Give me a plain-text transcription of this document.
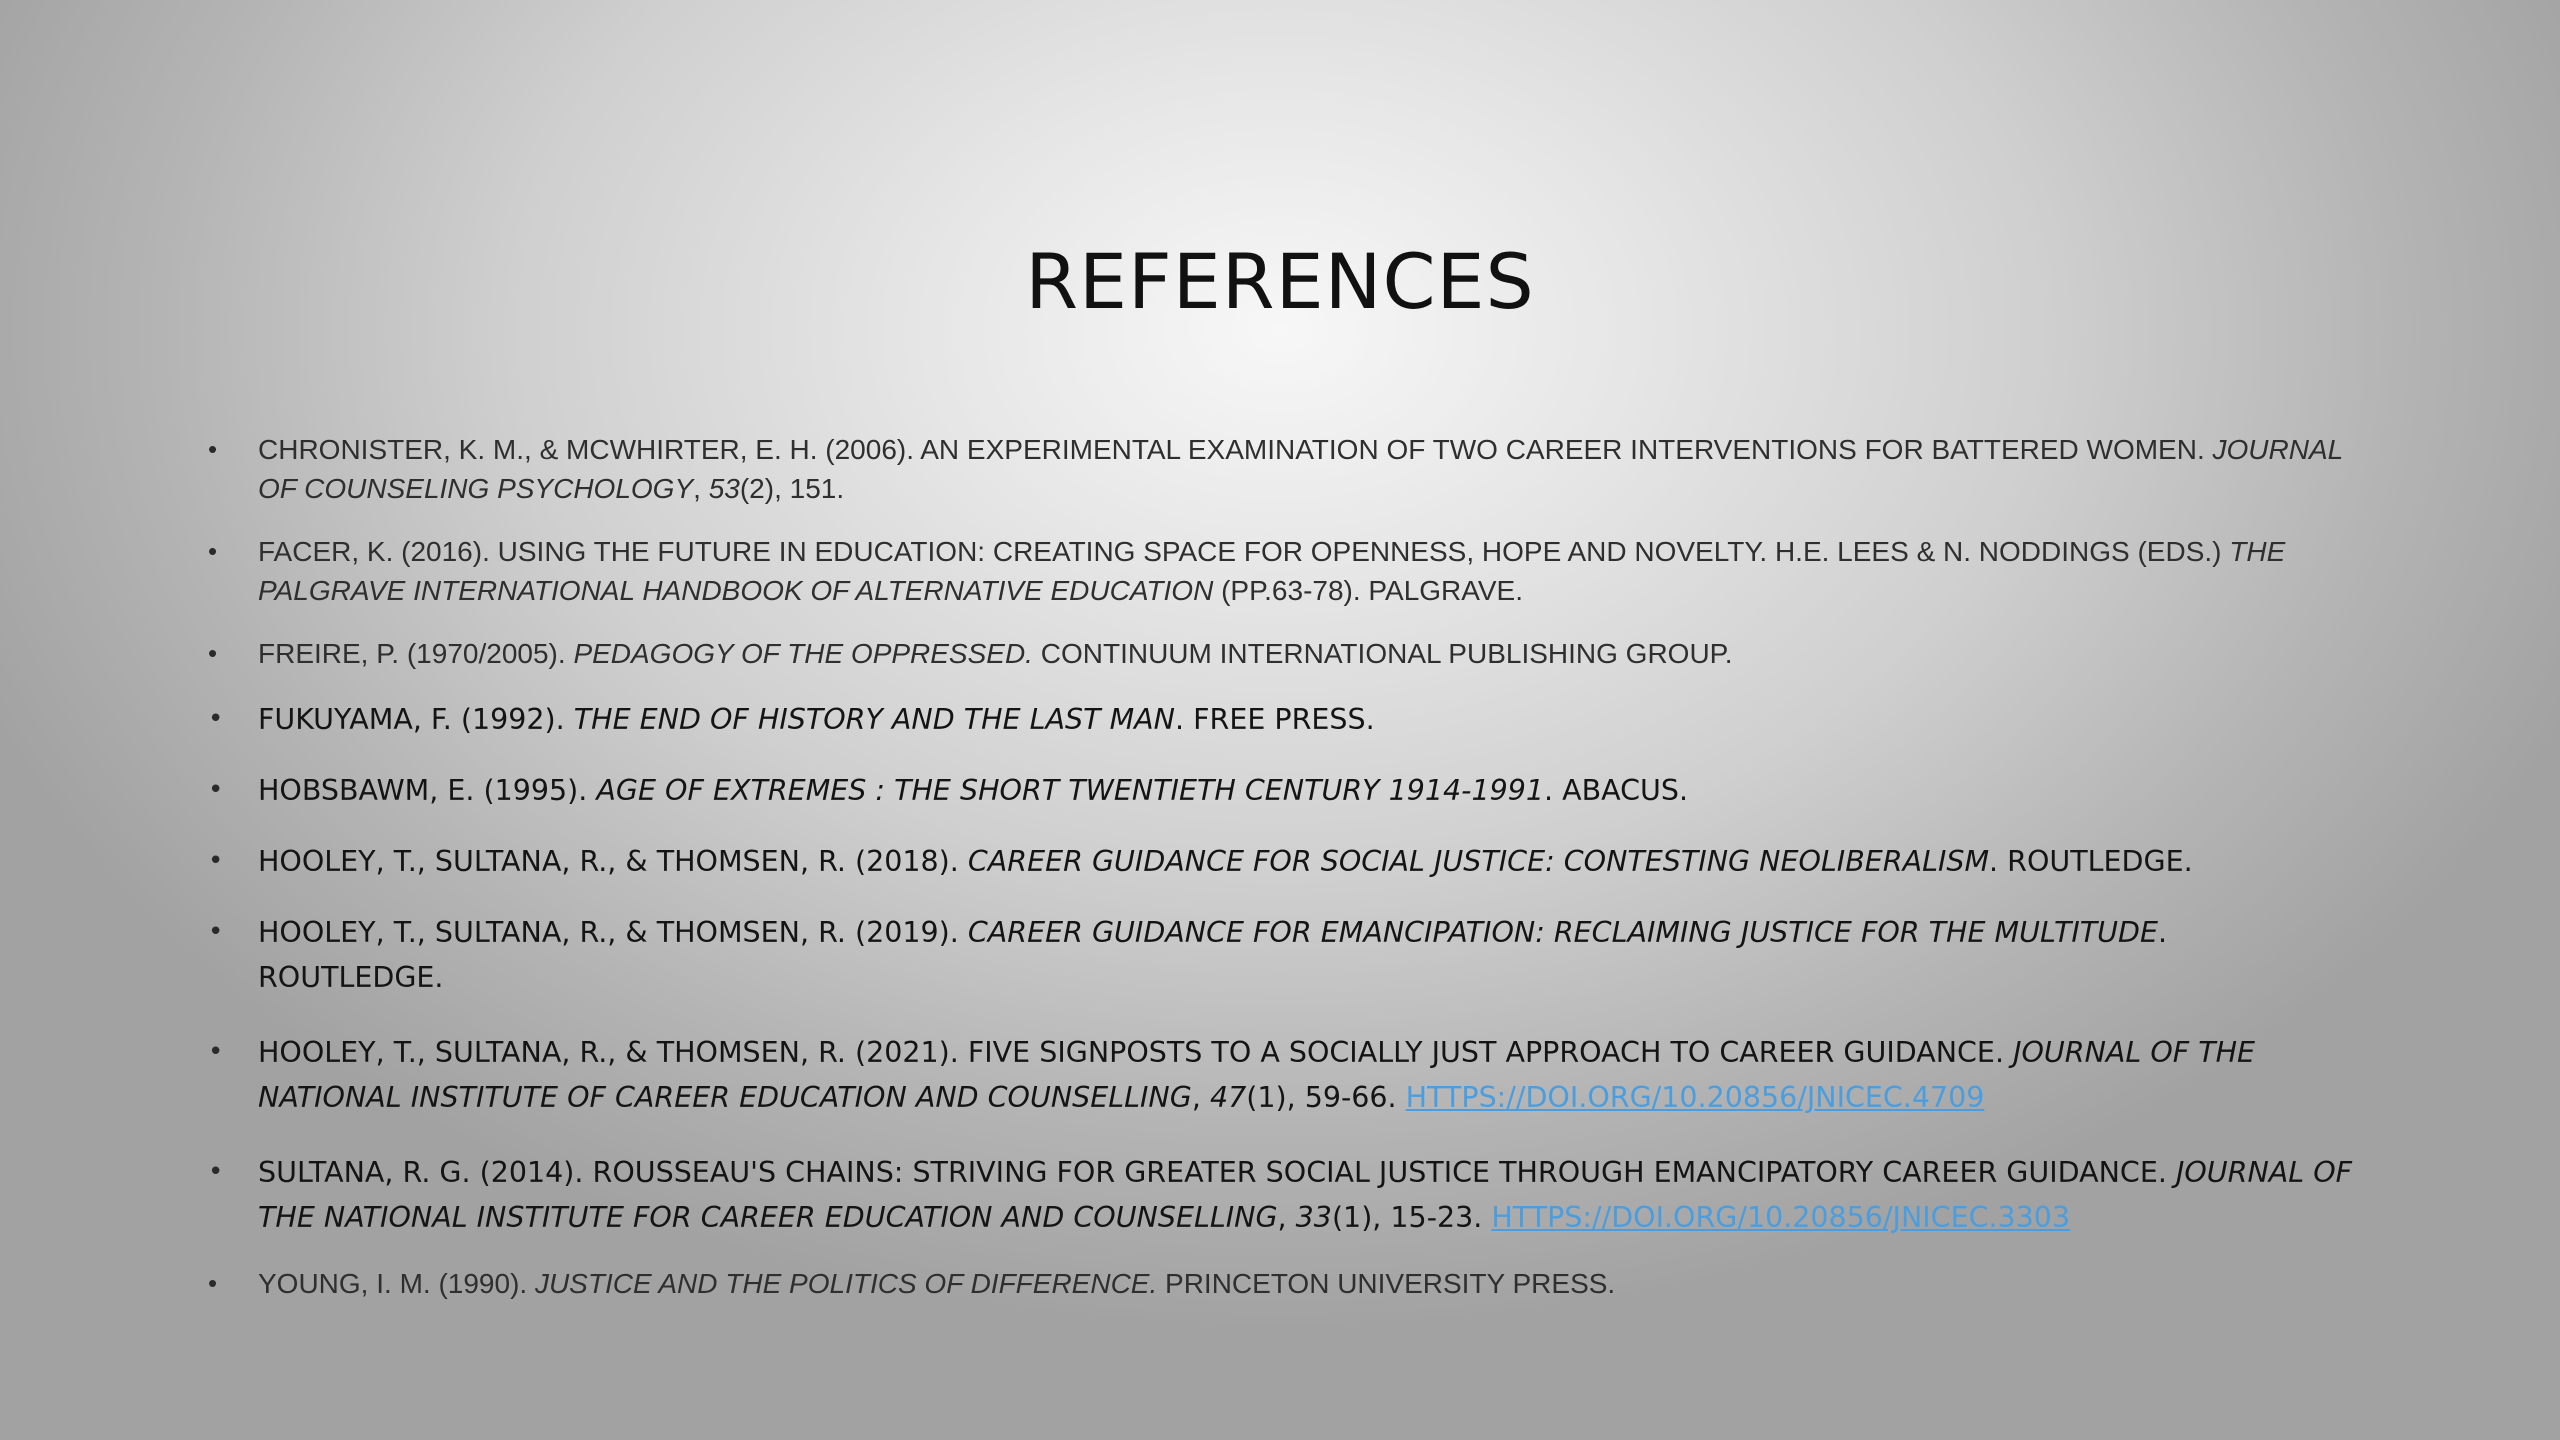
REFERENCES
• CHRONISTER, K. M., & MCWHIRTER, E. H. (2006). AN EXPERIMENTAL EXAMINATION OF TWO CAREER INTERVENTIONS FOR BATTERED WOMEN. JOURNAL OF COUNSELING PSYCHOLOGY, 53(2), 151.
• FACER, K. (2016). USING THE FUTURE IN EDUCATION: CREATING SPACE FOR OPENNESS, HOPE AND NOVELTY. H.E. LEES & N. NODDINGS (EDS.) THE PALGRAVE INTERNATIONAL HANDBOOK OF ALTERNATIVE EDUCATION (PP.63-78). PALGRAVE.
• FREIRE, P. (1970/2005). PEDAGOGY OF THE OPPRESSED. CONTINUUM INTERNATIONAL PUBLISHING GROUP.
• FUKUYAMA, F. (1992). THE END OF HISTORY AND THE LAST MAN. FREE PRESS.
• HOBSBAWM, E. (1995). AGE OF EXTREMES : THE SHORT TWENTIETH CENTURY 1914-1991. ABACUS.
• HOOLEY, T., SULTANA, R., & THOMSEN, R. (2018). CAREER GUIDANCE FOR SOCIAL JUSTICE: CONTESTING NEOLIBERALISM. ROUTLEDGE.
• HOOLEY, T., SULTANA, R., & THOMSEN, R. (2019). CAREER GUIDANCE FOR EMANCIPATION: RECLAIMING JUSTICE FOR THE MULTITUDE. ROUTLEDGE.
• HOOLEY, T., SULTANA, R., & THOMSEN, R. (2021). FIVE SIGNPOSTS TO A SOCIALLY JUST APPROACH TO CAREER GUIDANCE. JOURNAL OF THE NATIONAL INSTITUTE OF CAREER EDUCATION AND COUNSELLING, 47(1), 59-66. HTTPS://DOI.ORG/10.20856/JNICEC.4709
• SULTANA, R. G. (2014). ROUSSEAU'S CHAINS: STRIVING FOR GREATER SOCIAL JUSTICE THROUGH EMANCIPATORY CAREER GUIDANCE. JOURNAL OF THE NATIONAL INSTITUTE FOR CAREER EDUCATION AND COUNSELLING, 33(1), 15-23. HTTPS://DOI.ORG/10.20856/JNICEC.3303
• YOUNG, I. M. (1990). JUSTICE AND THE POLITICS OF DIFFERENCE. PRINCETON UNIVERSITY PRESS.
